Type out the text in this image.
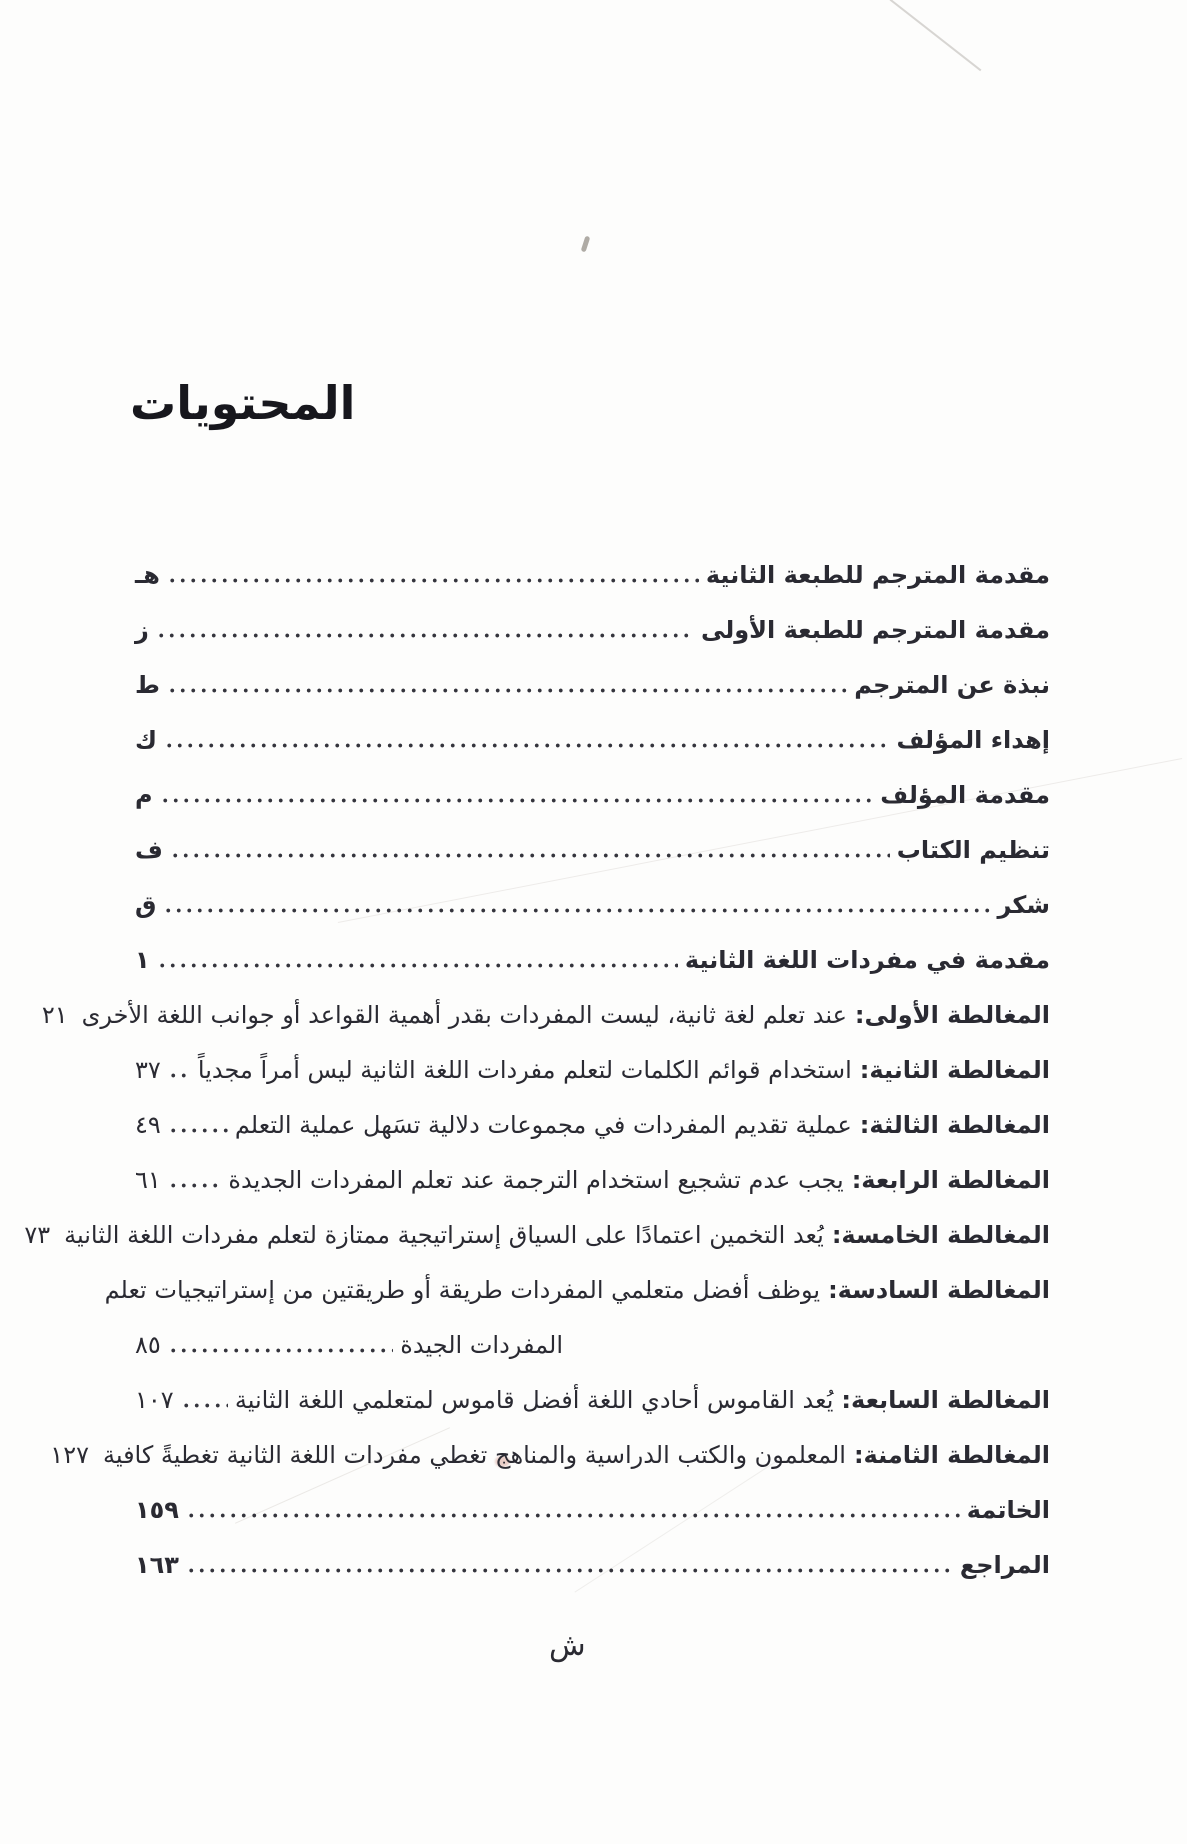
المحتويات
مقدمة المترجم للطبعة الثانية
هـ
مقدمة المترجم للطبعة الأولى
ز
نبذة عن المترجم
ط
إهداء المؤلف
ك
مقدمة المؤلف
م
تنظيم الكتاب
ف
شكر
ق
مقدمة في مفردات اللغة الثانية
١
المغالطة الأولى:عند تعلم لغة ثانية، ليست المفردات بقدر أهمية القواعد أو جوانب اللغة الأخرى
٢١
المغالطة الثانية:استخدام قوائم الكلمات لتعلم مفردات اللغة الثانية ليس أمراً مجدياً
٣٧
المغالطة الثالثة:عملية تقديم المفردات في مجموعات دلالية تسَهل عملية التعلم
٤٩
المغالطة الرابعة:يجب عدم تشجيع استخدام الترجمة عند تعلم المفردات الجديدة
٦١
المغالطة الخامسة:يُعد التخمين اعتمادًا على السياق إستراتيجية ممتازة لتعلم مفردات اللغة الثانية
٧٣
المغالطة السادسة:يوظف أفضل متعلمي المفردات طريقة أو طريقتين من إستراتيجيات تعلم
المفردات الجيدة
٨٥
المغالطة السابعة:يُعد القاموس أحادي اللغة أفضل قاموس لمتعلمي اللغة الثانية
١٠٧
المغالطة الثامنة:المعلمون والكتب الدراسية والمناهج تغطي مفردات اللغة الثانية تغطيةً كافية
١٢٧
الخاتمة
١٥٩
المراجع
١٦٣
ش
